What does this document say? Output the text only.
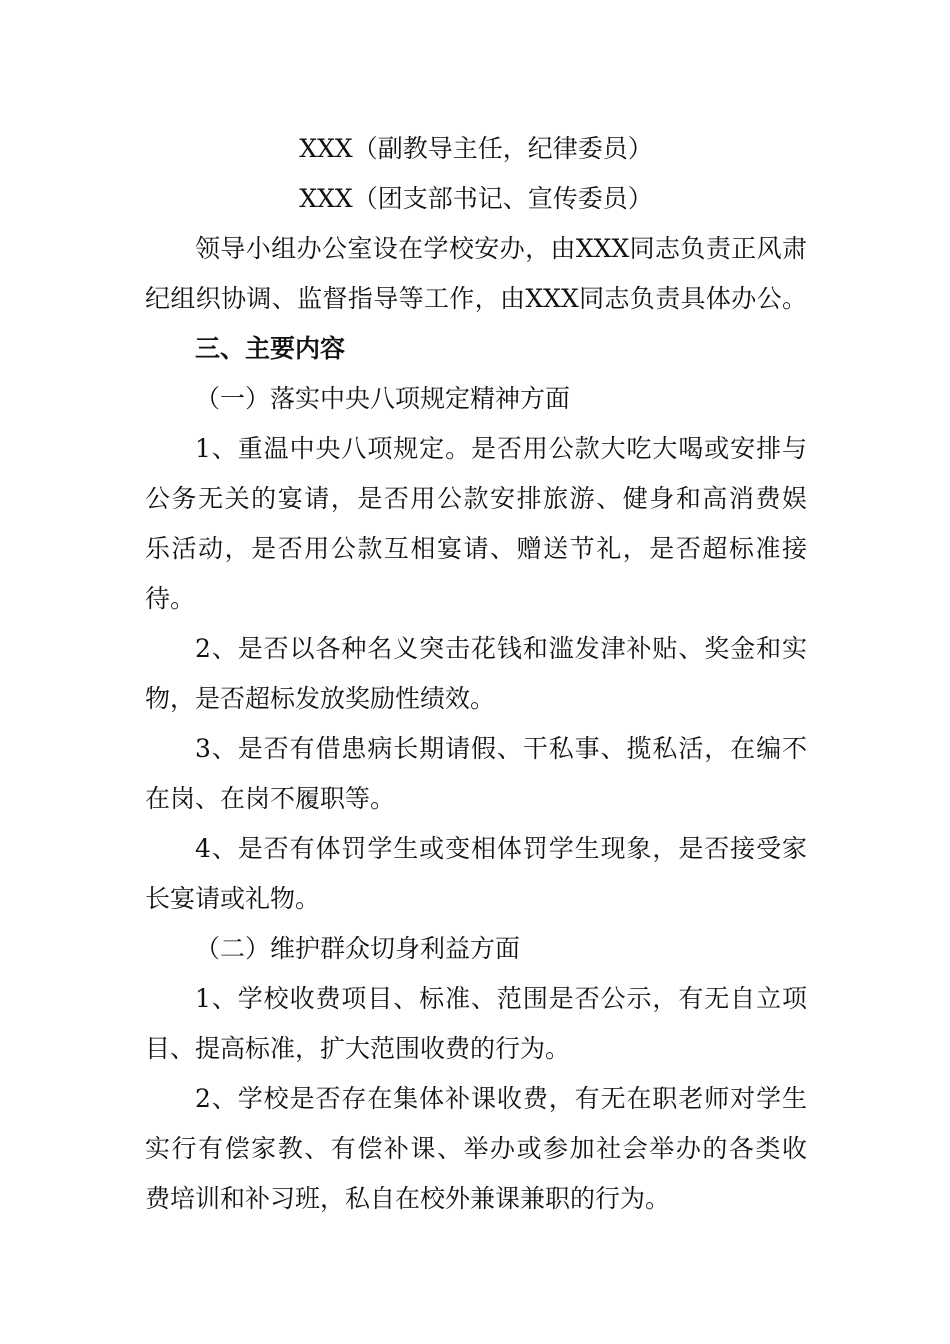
XXX（副教导主任，纪律委员）
XXX（团支部书记、宣传委员）
领导小组办公室设在学校安办，由XXX同志负责正风肃
纪组织协调、监督指导等工作，由XXX同志负责具体办公。
三、主要内容
（一）落实中央八项规定精神方面
1、重温中央八项规定。是否用公款大吃大喝或安排与
公务无关的宴请，是否用公款安排旅游、健身和高消费娱
乐活动，是否用公款互相宴请、赠送节礼，是否超标准接
待。
2、是否以各种名义突击花钱和滥发津补贴、奖金和实
物，是否超标发放奖励性绩效。
3、是否有借患病长期请假、干私事、揽私活，在编不
在岗、在岗不履职等。
4、是否有体罚学生或变相体罚学生现象，是否接受家
长宴请或礼物。
（二）维护群众切身利益方面
1、学校收费项目、标准、范围是否公示，有无自立项
目、提高标准，扩大范围收费的行为。
2、学校是否存在集体补课收费，有无在职老师对学生
实行有偿家教、有偿补课、举办或参加社会举办的各类收
费培训和补习班，私自在校外兼课兼职的行为。
